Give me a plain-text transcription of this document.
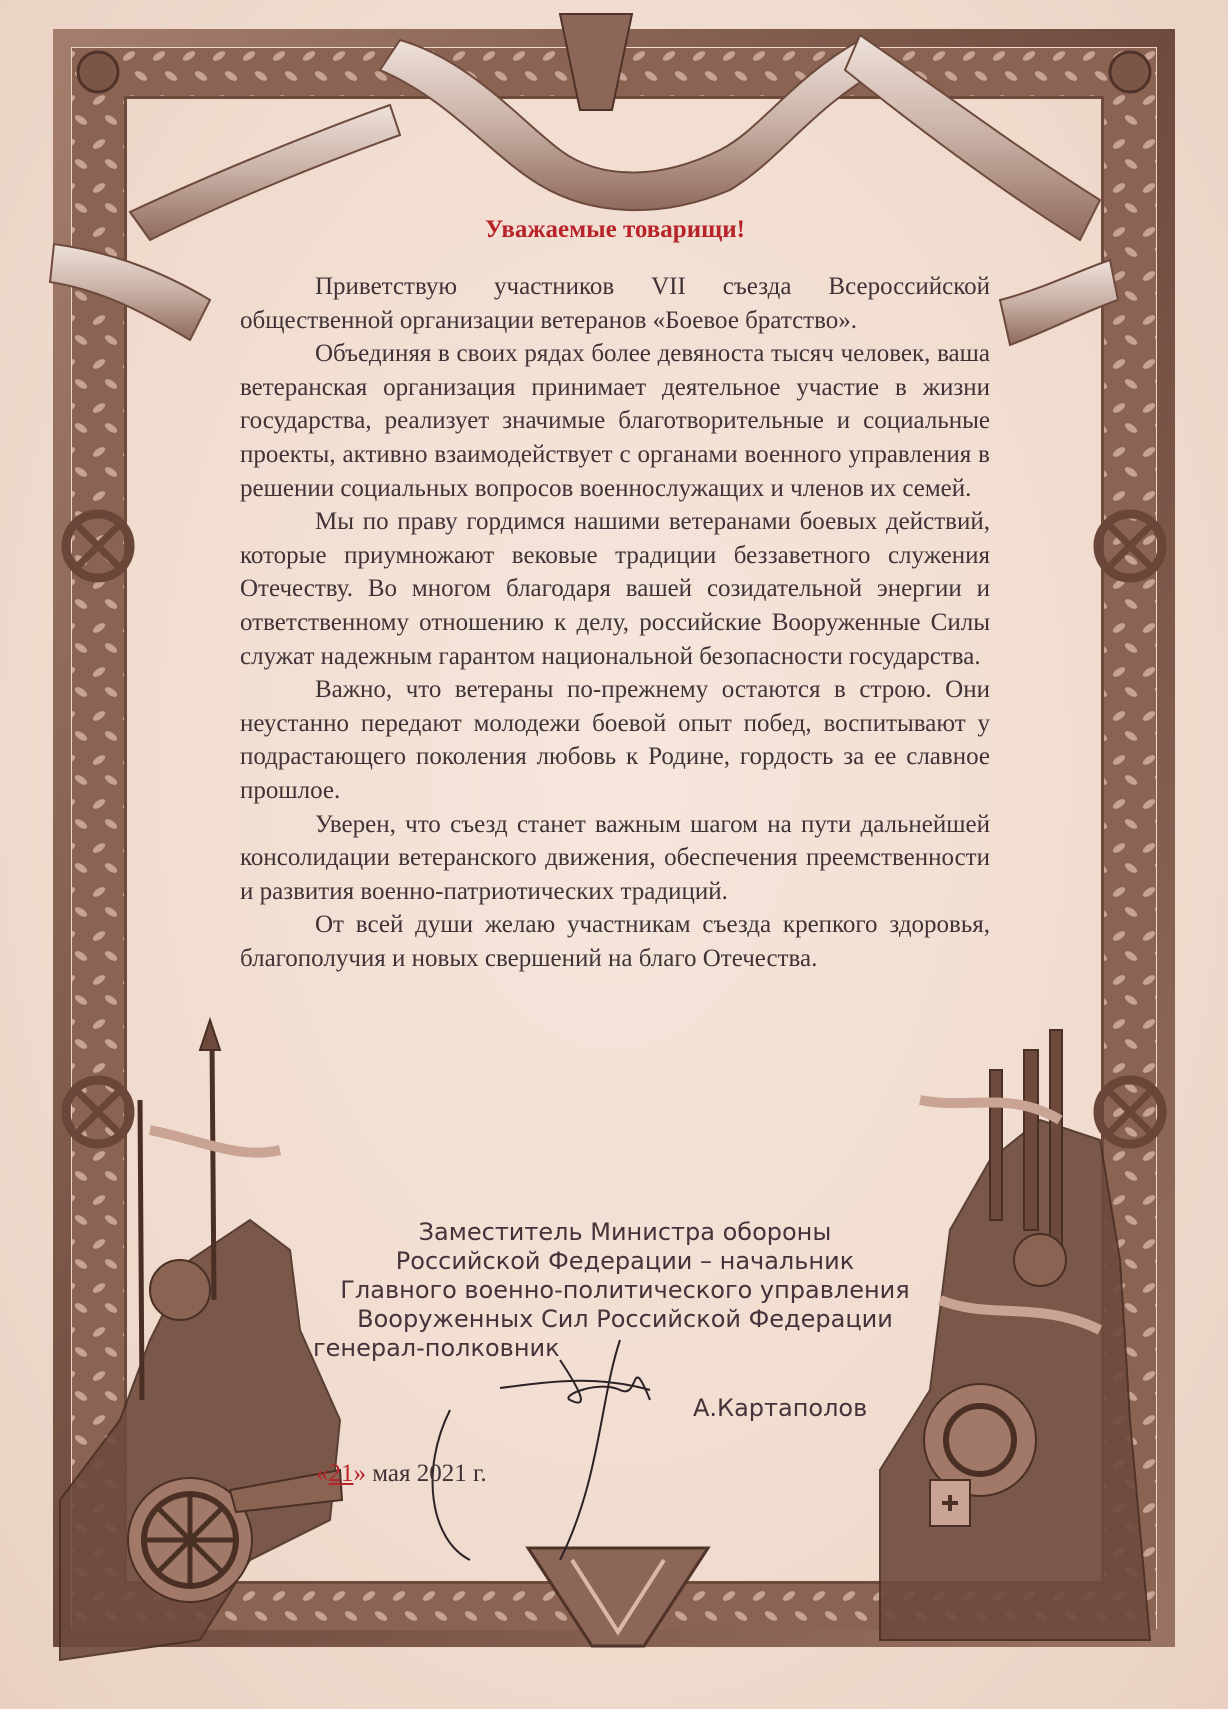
Уважаемые товарищи!

Приветствую участников VII съезда Всероссийской общественной организации ветеранов «Боевое братство».

Объединяя в своих рядах более девяноста тысяч человек, ваша ветеранская организация принимает деятельное участие в жизни государства, реализует значимые благотворительные и социальные проекты, активно взаимодействует с органами военного управления в решении социальных вопросов военнослужащих и членов их семей.

Мы по праву гордимся нашими ветеранами боевых действий, которые приумножают вековые традиции беззаветного служения Отечеству. Во многом благодаря вашей созидательной энергии и ответственному отношению к делу, российские Вооруженные Силы служат надежным гарантом национальной безопасности государства.

Важно, что ветераны по-прежнему остаются в строю. Они неустанно передают молодежи боевой опыт побед, воспитывают у подрастающего поколения любовь к Родине, гордость за ее славное прошлое.

Уверен, что съезд станет важным шагом на пути дальнейшей консолидации ветеранского движения, обеспечения преемственности и развития военно-патриотических традиций.

От всей души желаю участникам съезда крепкого здоровья, благополучия и новых свершений на благо Отечества.

Заместитель Министра обороны
Российской Федерации – начальник
Главного военно-политического управления
Вооруженных Сил Российской Федерации
генерал-полковник
А.Картаполов
«21» мая 2021 г.
